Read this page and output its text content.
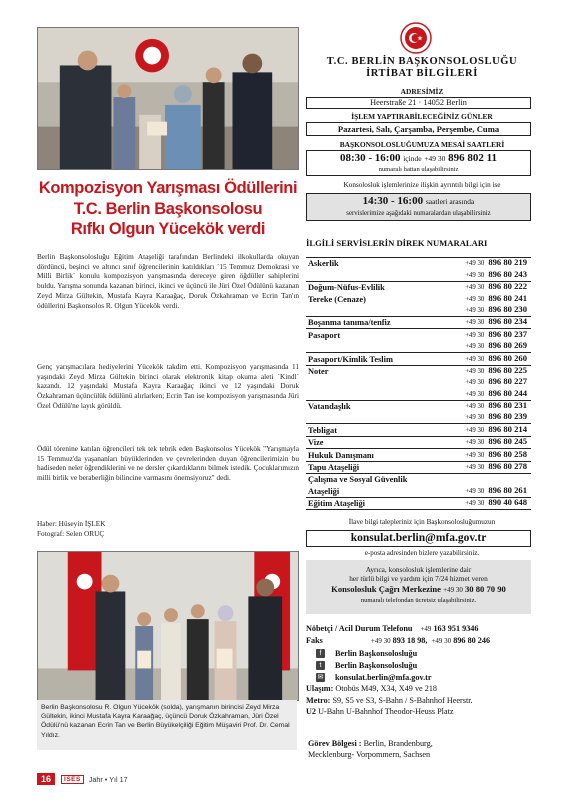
Kompozisyon Yarışması Ödüllerini
T.C. Berlin Başkonsolosu
Rıfkı Olgun Yücekök verdi
Berlin Başkonsolosluğu Eğitim Ataşeliği tarafından Berlindeki ilkokullarda okuyan dördüncü, beşinci ve altıncı sınıf öğrencilerinin katıldıkları `15 Temmuz Demokrasi ve Milli Birlik´ konulu kompozisyon yarışmasında dereceye giren öğdüller sahiplerini buldu. Yarışma sonunda kazanan birinci, ikinci ve üçüncü ile Jüri Özel Ödülünü kazanan Zeyd Mirza Gültekin, Mustafa Kayra Karaağaç, Doruk Özkahraman ve Ecrin Tan'ın ödüllerini Başkonsolos R. Olgun Yücekök verdi.
Genç yarışmacılara hediyelerini Yücekök takdim etti. Kompozisyon yarışmasında 11 yaşındaki Zeyd Mirza Gültekin birinci olarak elektronik kitap okuma aleti `Kindl´ kazandı. 12 yaşındaki Mustafa Kayra Karaağaç ikinci ve 12 yaşındaki Doruk Özkahraman üçüncülük ödülünü alırlarken; Ecrin Tan ise kompozisyon yarışmasında Jüri Özel Ödülü'ne layık görüldü.
Ödül törenine katılan öğrencileri tek tek tebrik eden Başkonsolos Yücekök "Yarışmayla 15 Temmuz'da yaşananları büyüklerinden ve çevrelerinden duyan öğrencilerimizin bu hadiseden neler öğrendiklerini ve ne dersler çıkardıklarını bilmek istedik. Çocuklarımızın milli birlik ve beraberliğin bilincine varmasını önemsiyoruz" dedi.
Haber: Hüseyin İŞLEK
Fotograf: Selen ORUÇ
Berlin Başkonsolosu R. Olgun Yücekök (solda), yarışmanın birincisi Zeyd Mirza Gültekin, ikinci Mustafa Kayra Karaağaç, üçüncü Doruk Özkahraman, Jüri Özel Ödülü'nü kazanan Ecrin Tan ve Berlin Büyükelçiliği Eğitim Müşaviri Prof. Dr. Cemal Yıldız.
16	ISES	Jahr • Yıl 17
T.C. BERLİN BAŞKONSOLOSLUĞU
İRTİBAT BİLGİLERİ
ADRESİMİZ
Heerstraße 21 · 14052 Berlin
İŞLEM YAPTIRABİLECEĞİNİZ GÜNLER
Pazartesi, Salı, Çarşamba, Perşembe, Cuma
BAŞKONSOLOSLUĞUMUZA MESAİ SAATLERİ
08:30 - 16:00 içinde +49 30 896 802 11
numaralı hattan ulaşabilirsiniz
Konsolosluk işlemlerinize ilişkin ayrıntılı bilgi için ise
14:30 - 16:00 saatleri arasında
servislerimize aşağıdaki numaralardan ulaşabilirsiniz
İLGİLİ SERVİSLERİN DİREK NUMARALARI
Askerlik	+49 30 896 80 219
+49 30 896 80 243
Doğum-Nüfus-Evlilik	+49 30 896 80 222
Tereke (Cenaze)	+49 30 896 80 241
+49 30 896 80 230
Boşanma tanıma/tenfiz	+49 30 896 80 234
Pasaport	+49 30 896 80 237
+49 30 896 80 269
Pasaport/Kimlik Teslim	+49 30 896 80 260
Noter	+49 30 896 80 225
+49 30 896 80 227
+49 30 896 80 244
Vatandaşlık	+49 30 896 80 231
+49 30 896 80 239
Tebligat	+49 30 896 80 214
Vize	+49 30 896 80 245
Hukuk Danışmanı	+49 30 896 80 258
Tapu Ataşeliği	+49 30 896 80 278
Çalışma ve Sosyal Güvenlik
Ataşeliği	+49 30 896 80 261
Eğitim Ataşeliği	+49 30 890 40 648
İlave bilgi talepleriniz için Başkonsolosluğumuzun
konsulat.berlin@mfa.gov.tr
e-posta adresinden bizlere yazabilirsiniz.
Ayrıca, konsolosluk işlemlerine dair
her türlü bilgi ve yardım için 7/24 hizmet veren
Konsolosluk Çağrı Merkezine +49 30 30 80 70 90
numaralı telefondan ücretsiz ulaşabilirsiniz.
Nöbetçi / Acil Durum Telefonu +49 163 951 9346
Faks	+49 30 893 18 98, +49 30 896 80 246
f	Berlin Başkonsolosluğu
t	Berlin Başkonsolosluğu
✉ konsulat.berlin@mfa.gov.tr
Ulaşım: Otobüs M49, X34, X49 ve 218
Metro: S9, S5 ve S3, S-Bahn / S-Bahnhof Heerstr.
U2 U-Bahn U-Bahnhof Theodor-Heuss Platz
Görev Bölgesi : Berlin, Brandenburg,
Mecklenburg- Vorpommern, Sachsen
